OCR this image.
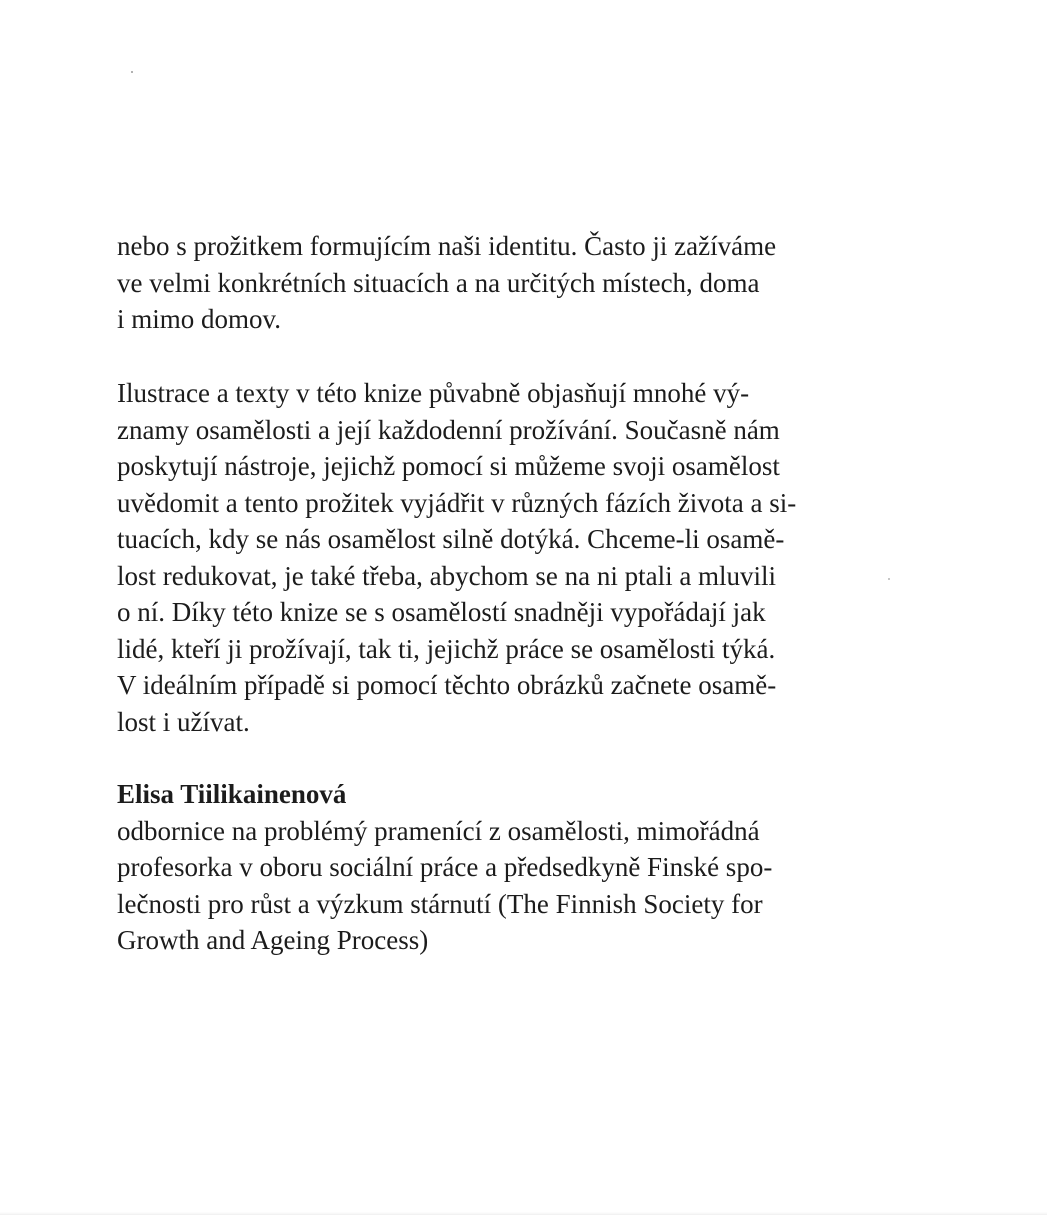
nebo s prožitkem formujícím naši identitu. Často ji zažíváme
ve velmi konkrétních situacích a na určitých místech, doma
i mimo domov.
Ilustrace a texty v této knize půvabně objasňují mnohé vý-
znamy osamělosti a její každodenní prožívání. Současně nám
poskytují nástroje, jejichž pomocí si můžeme svoji osamělost
uvědomit a tento prožitek vyjádřit v různých fázích života a si-
tuacích, kdy se nás osamělost silně dotýká. Chceme-li osamě-
lost redukovat, je také třeba, abychom se na ni ptali a mluvili
o ní. Díky této knize se s osamělostí snadněji vypořádají jak
lidé, kteří ji prožívají, tak ti, jejichž práce se osamělosti týká.
V ideálním případě si pomocí těchto obrázků začnete osamě-
lost i užívat.
Elisa Tiilikainenová
odbornice na problémý pramenící z osamělosti, mimořádná
profesorka v oboru sociální práce a předsedkyně Finské spo-
lečnosti pro růst a výzkum stárnutí (The Finnish Society for
Growth and Ageing Process)
